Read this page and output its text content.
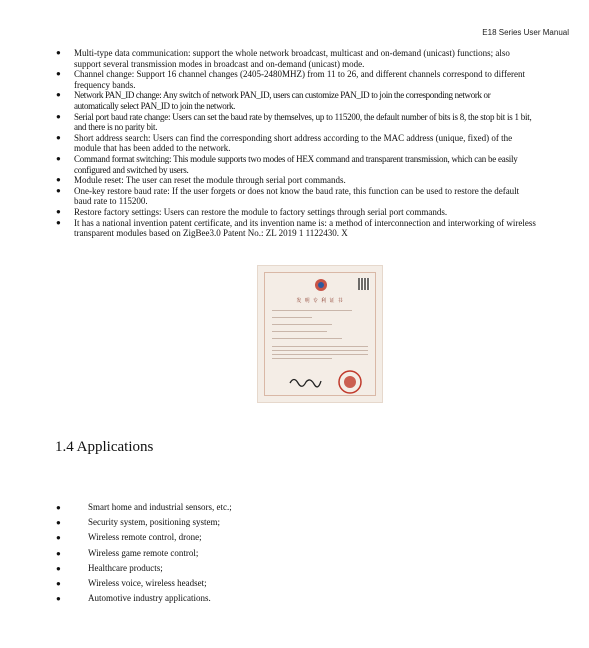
E18 Series User Manual
● Multi-type data communication: support the whole network broadcast, multicast and on-demand (unicast) functions; also support several transmission modes in broadcast and on-demand (unicast) mode.
● Channel change: Support 16 channel changes (2405-2480MHZ) from 11 to 26, and different channels correspond to different frequency bands.
● Network PAN_ID change: Any switch of network PAN_ID, users can customize PAN_ID to join the corresponding network or automatically select PAN_ID to join the network.
● Serial port baud rate change: Users can set the baud rate by themselves, up to 115200, the default number of bits is 8, the stop bit is 1 bit, and there is no parity bit.
● Short address search: Users can find the corresponding short address according to the MAC address (unique, fixed) of the module that has been added to the network.
● Command format switching: This module supports two modes of HEX command and transparent transmission, which can be easily configured and switched by users.
● Module reset: The user can reset the module through serial port commands.
● One-key restore baud rate: If the user forgets or does not know the baud rate, this function can be used to restore the default baud rate to 115200.
● Restore factory settings: Users can restore the module to factory settings through serial port commands.
● It has a national invention patent certificate, and its invention name is: a method of interconnection and interworking of wireless transparent modules based on ZigBee3.0 Patent No.: ZL 2019 1 1122430. X
发 明 专 利 证 书
1.4 Applications
● Smart home and industrial sensors, etc.;
● Security system, positioning system;
● Wireless remote control, drone;
● Wireless game remote control;
● Healthcare products;
● Wireless voice, wireless headset;
● Automotive industry applications.
